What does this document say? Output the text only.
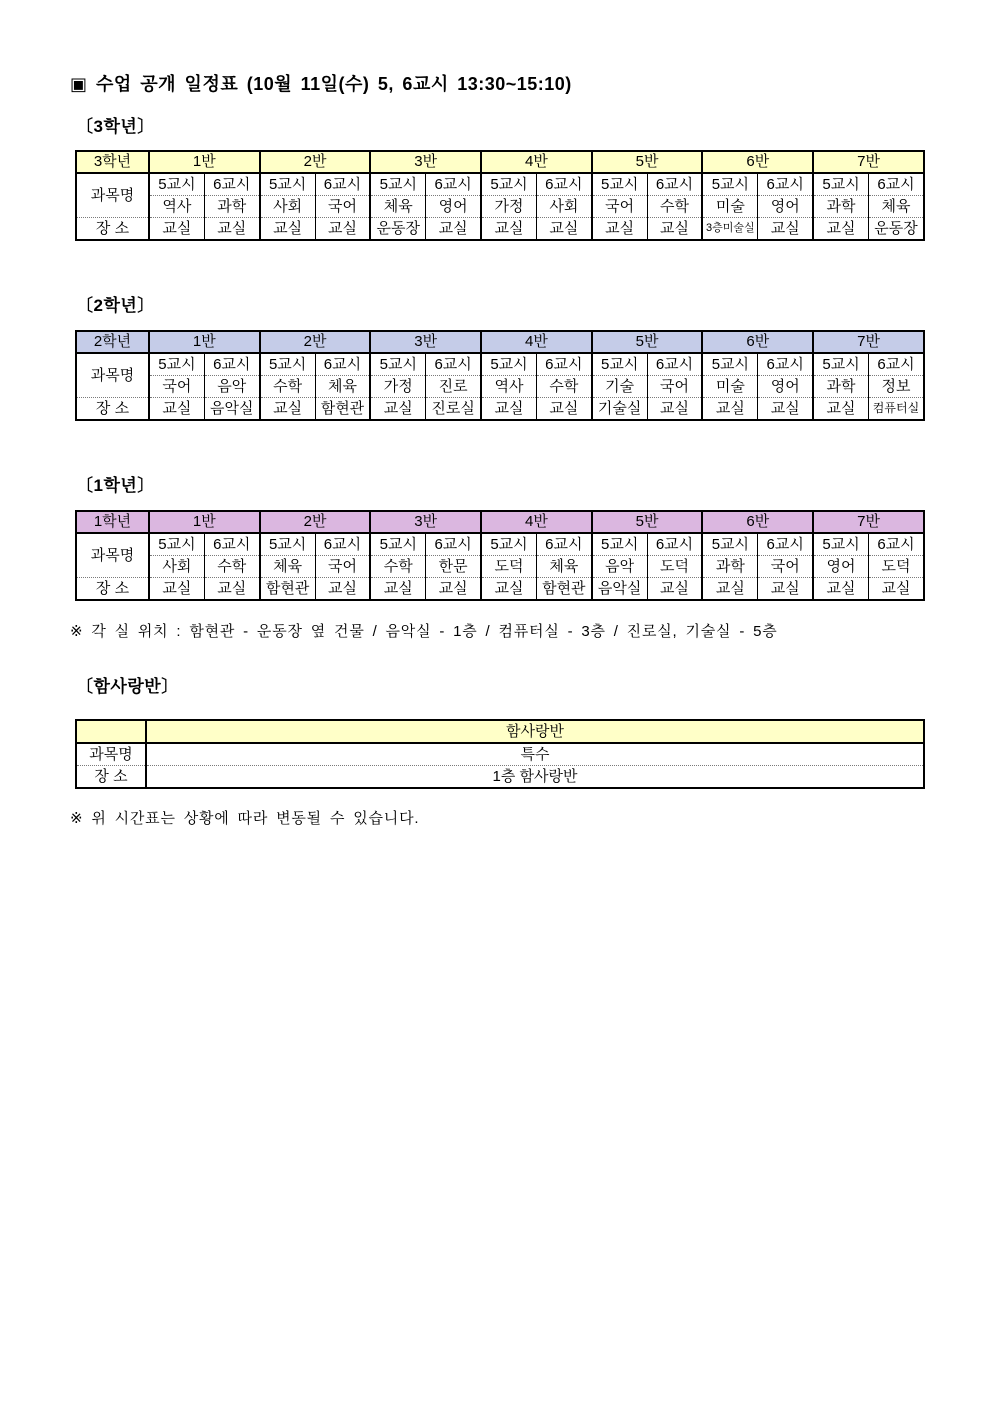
▣ 수업 공개 일정표 (10월 11일(수) 5, 6교시 13:30~15:10)
〔3학년〕
3학년	1반		2반		3반		4반		5반		6반		7반	
과목명	5교시	6교시	5교시	6교시	5교시	6교시	5교시	6교시	5교시	6교시	5교시	6교시	5교시	6교시
	역사	과학	사회	국어	체육	영어	가정	사회	국어	수학	미술	영어	과학	체육
장 소	교실	교실	교실	교실	운동장	교실	교실	교실	교실	교실	3층미술실	교실	교실	운동장
〔2학년〕
2학년	1반		2반		3반		4반		5반		6반		7반	
과목명	5교시	6교시	5교시	6교시	5교시	6교시	5교시	6교시	5교시	6교시	5교시	6교시	5교시	6교시
	국어	음악	수학	체육	가정	진로	역사	수학	기술	국어	미술	영어	과학	정보
장 소	교실	음악실	교실	함현관	교실	진로실	교실	교실	기술실	교실	교실	교실	교실	컴퓨터실
〔1학년〕
1학년	1반		2반		3반		4반		5반		6반		7반	
과목명	5교시	6교시	5교시	6교시	5교시	6교시	5교시	6교시	5교시	6교시	5교시	6교시	5교시	6교시
	사회	수학	체육	국어	수학	한문	도덕	체육	음악	도덕	과학	국어	영어	도덕
장 소	교실	교실	함현관	교실	교실	교실	교실	함현관	음악실	교실	교실	교실	교실	교실
※ 각 실 위치 : 함현관 - 운동장 옆 건물 / 음악실 - 1층 / 컴퓨터실 - 3층 / 진로실, 기술실 - 5층
〔함사랑반〕
	함사랑반
과목명	특수
장 소	1층 함사랑반
※ 위 시간표는 상황에 따라 변동될 수 있습니다.
